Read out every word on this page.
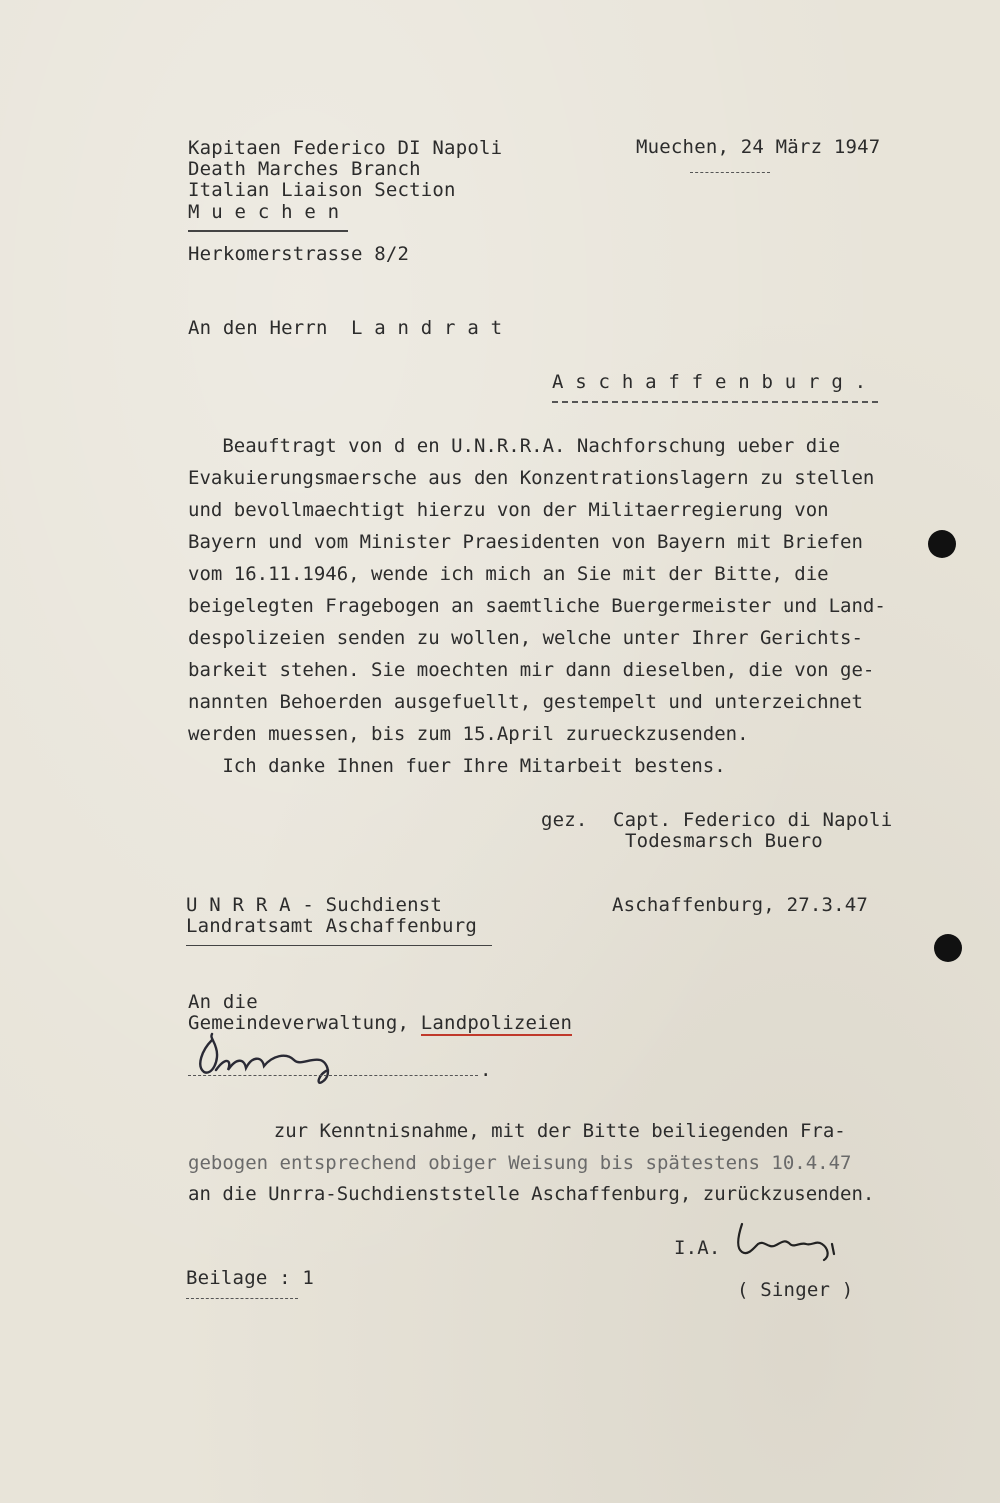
Kapitaen Federico DI Napoli
Death Marches Branch
Italian Liaison Section
M u e c h e n
Herkomerstrasse 8/2
Muechen, 24 März 1947
An den Herrn  L a n d r a t
A s c h a f f e n b u r g .
Beauftragt von d en U.N.R.R.A. Nachforschung ueber die
Evakuierungsmaersche aus den Konzentrationslagern zu stellen
und bevollmaechtigt hierzu von der Militaerregierung von
Bayern und vom Minister Praesidenten von Bayern mit Briefen
vom 16.11.1946, wende ich mich an Sie mit der Bitte, die
beigelegten Fragebogen an saemtliche Buergermeister und Land-
despolizeien senden zu wollen, welche unter Ihrer Gerichts-
barkeit stehen. Sie moechten mir dann dieselben, die von ge-
nannten Behoerden ausgefuellt, gestempelt und unterzeichnet
werden muessen, bis zum 15.April zurueckzusenden.
Ich danke Ihnen fuer Ihre Mitarbeit bestens.
gez. Capt. Federico di Napoli
Todesmarsch Buero
U N R R A - Suchdienst
Landratsamt Aschaffenburg
Aschaffenburg, 27.3.47
An die
Gemeindeverwaltung, Landpolizeien
.
zur Kenntnisnahme, mit der Bitte beiliegenden Fra-
gebogen entsprechend obiger Weisung bis spätestens 10.4.47
an die Unrra-Suchdienststelle Aschaffenburg, zurückzusenden.
I.A.
( Singer )
Beilage : 1
